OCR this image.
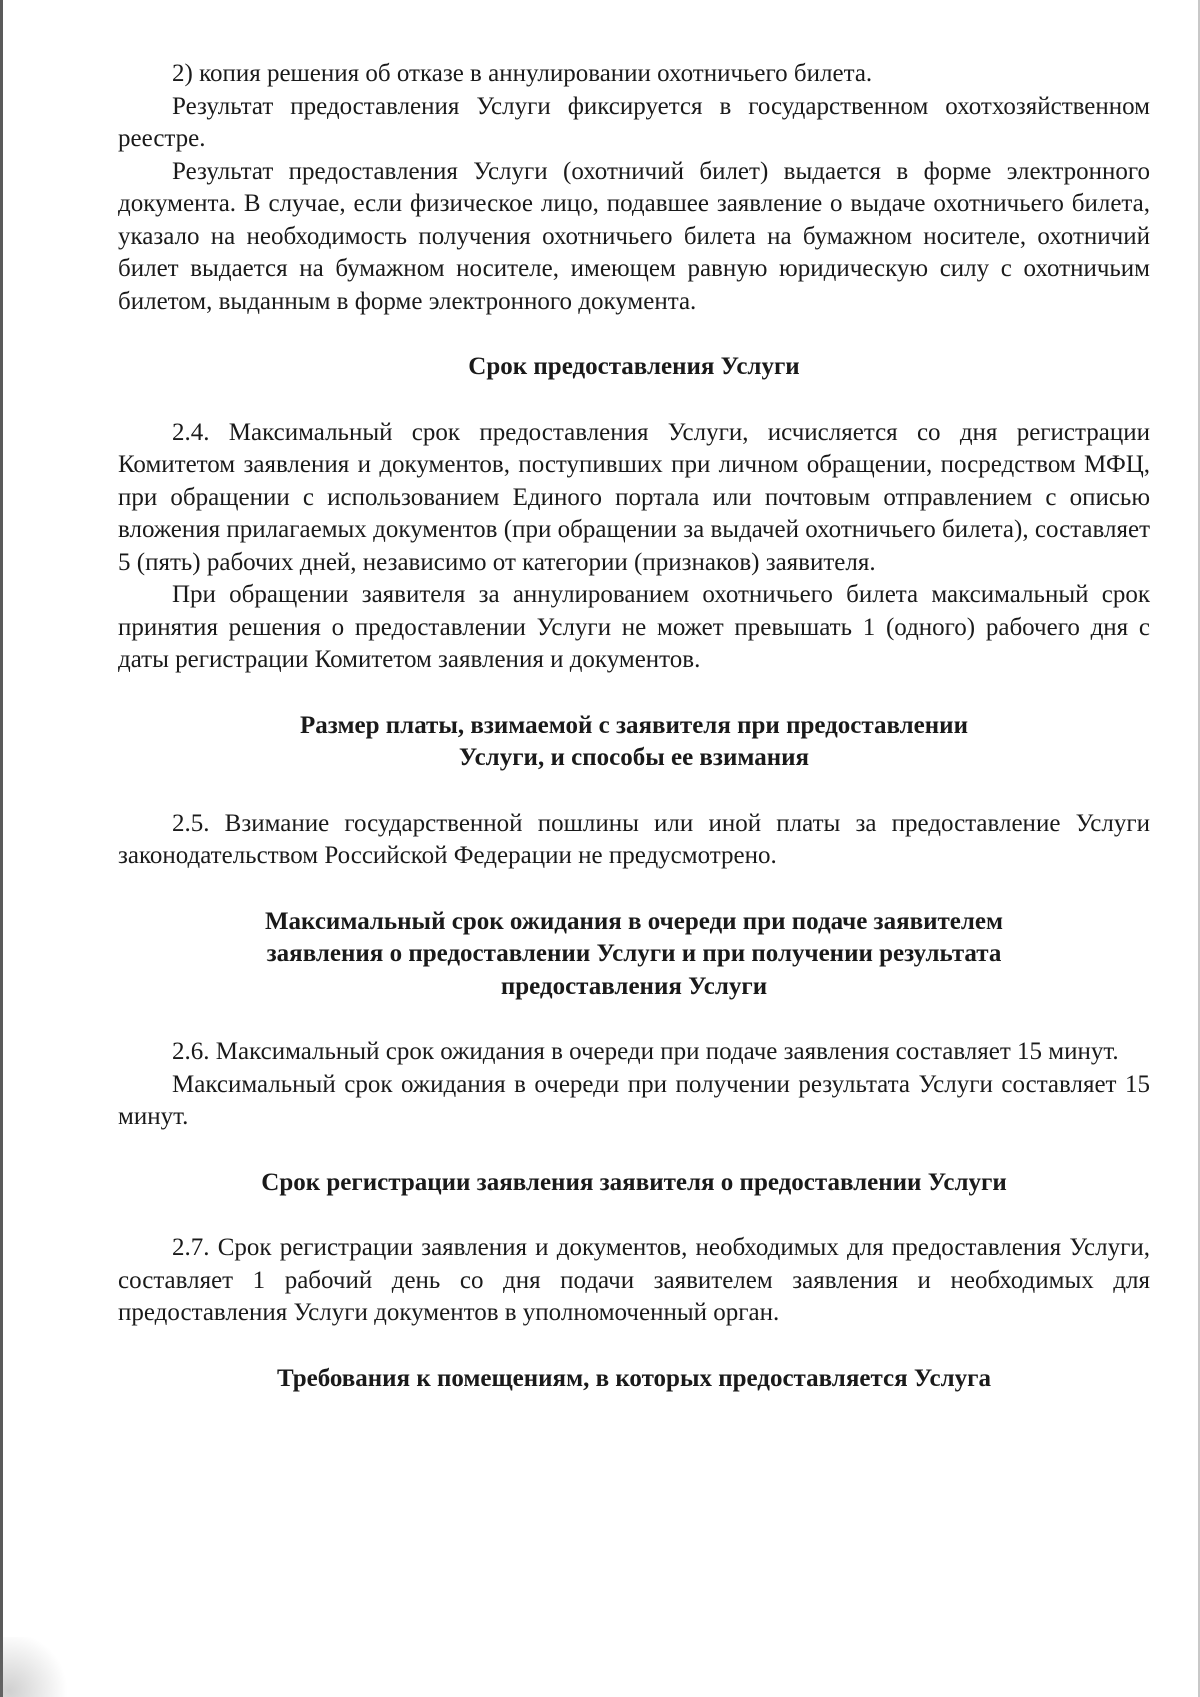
2) копия решения об отказе в аннулировании охотничьего билета.

Результат предоставления Услуги фиксируется в государственном охотхозяйственном реестре.

Результат предоставления Услуги (охотничий билет) выдается в форме электронного документа. В случае, если физическое лицо, подавшее заявление о выдаче охотничьего билета, указало на необходимость получения охотничьего билета на бумажном носителе, охотничий билет выдается на бумажном носителе, имеющем равную юридическую силу с охотничьим билетом, выданным в форме электронного документа.

Срок предоставления Услуги

2.4. Максимальный срок предоставления Услуги, исчисляется со дня регистрации Комитетом заявления и документов, поступивших при личном обращении, посредством МФЦ, при обращении с использованием Единого портала или почтовым отправлением с описью вложения прилагаемых документов (при обращении за выдачей охотничьего билета), составляет 5 (пять) рабочих дней, независимо от категории (признаков) заявителя.

При обращении заявителя за аннулированием охотничьего билета максимальный срок принятия решения о предоставлении Услуги не может превышать 1 (одного) рабочего дня с даты регистрации Комитетом заявления и документов.

Размер платы, взимаемой с заявителя при предоставлении

Услуги, и способы ее взимания

2.5. Взимание государственной пошлины или иной платы за предоставление Услуги законодательством Российской Федерации не предусмотрено.

Максимальный срок ожидания в очереди при подаче заявителем

заявления о предоставлении Услуги и при получении результата

предоставления Услуги

2.6. Максимальный срок ожидания в очереди при подаче заявления составляет 15 минут.

Максимальный срок ожидания в очереди при получении результата Услуги составляет 15 минут.

Срок регистрации заявления заявителя о предоставлении Услуги

2.7. Срок регистрации заявления и документов, необходимых для предоставления Услуги, составляет 1 рабочий день со дня подачи заявителем заявления и необходимых для предоставления Услуги документов в уполномоченный орган.

Требования к помещениям, в которых предоставляется Услуга
